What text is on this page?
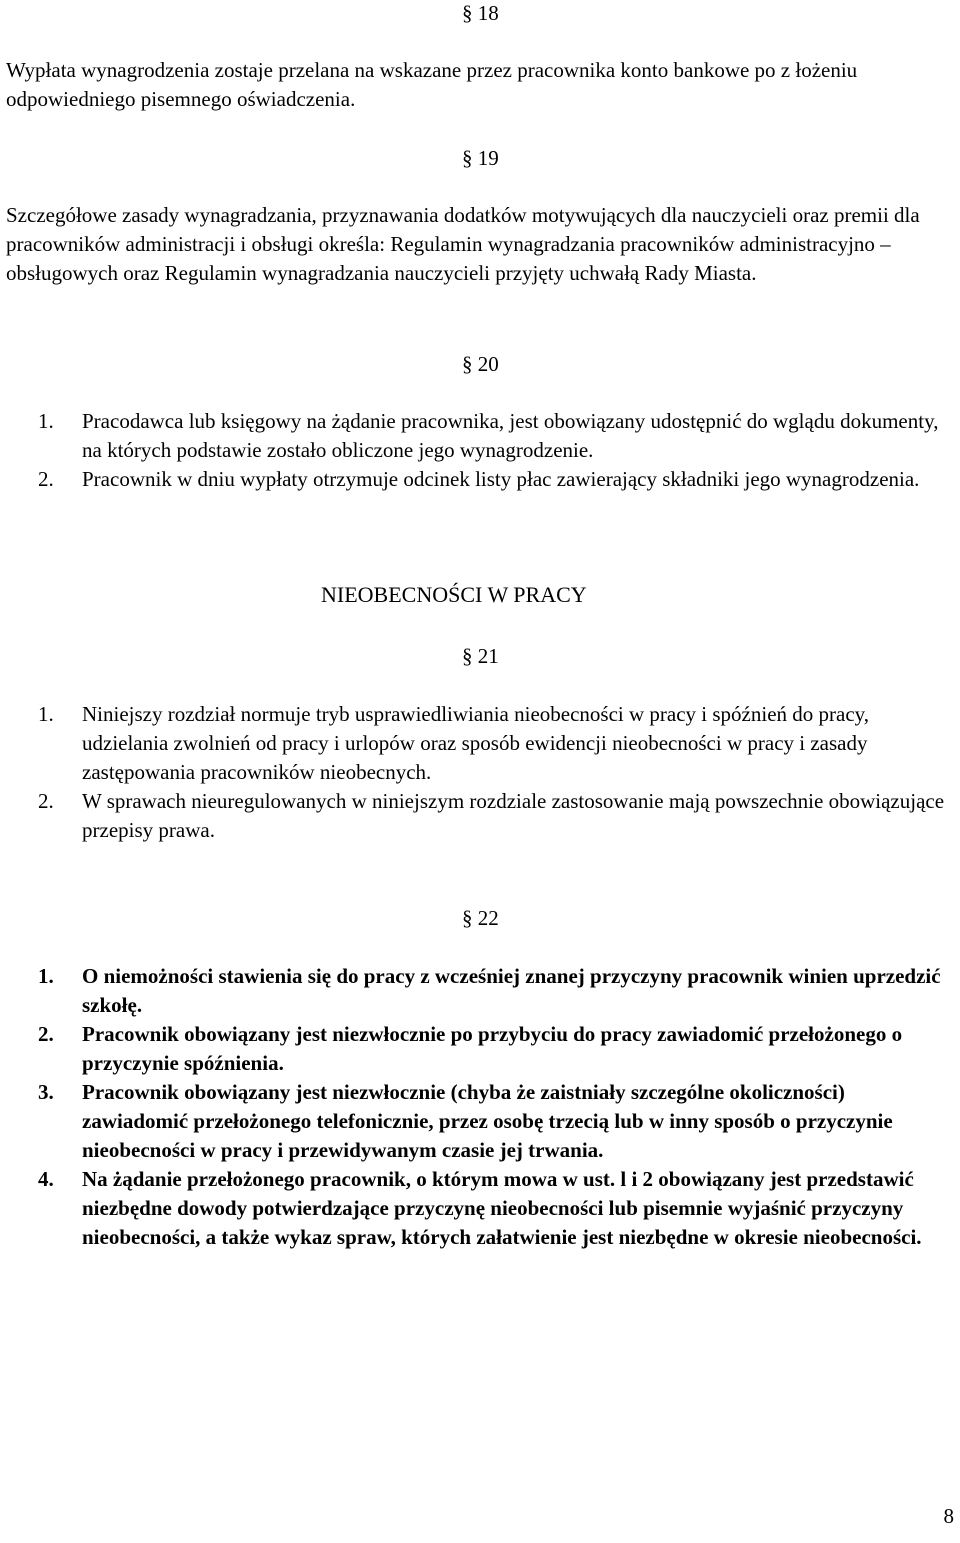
§ 18

Wypłata wynagrodzenia zostaje przelana na wskazane przez pracownika konto bankowe po z łożeniu odpowiedniego pisemnego oświadczenia.

§ 19

Szczegółowe zasady wynagradzania, przyznawania dodatków motywujących dla nauczycieli oraz premii dla pracowników administracji i obsługi określa: Regulamin wynagradzania pracowników administracyjno – obsługowych oraz Regulamin wynagradzania nauczycieli przyjęty uchwałą Rady Miasta.

§ 20
1.	Pracodawca lub księgowy na żądanie pracownika, jest obowiązany udostępnić do wglądu dokumenty, na których podstawie zostało obliczone jego wynagrodzenie.
2.	Pracownik w dniu wypłaty otrzymuje odcinek listy płac zawierający składniki jego wynagrodzenia.
NIEOBECNOŚCI W PRACY
§ 21
1.	Niniejszy rozdział normuje tryb usprawiedliwiania nieobecności w pracy i spóźnień do pracy, udzielania zwolnień od pracy i urlopów oraz sposób ewidencji nieobecności w pracy i zasady zastępowania pracowników nieobecnych.
2.	W sprawach nieuregulowanych w niniejszym rozdziale zastosowanie mają powszechnie obowiązujące przepisy prawa.
§ 22
1.	O niemożności stawienia się do pracy z wcześniej znanej przyczyny pracownik winien uprzedzić szkołę.
2.	Pracownik obowiązany jest niezwłocznie po przybyciu do pracy zawiadomić przełożonego o przyczynie spóźnienia.
3.	Pracownik obowiązany jest niezwłocznie (chyba że zaistniały szczególne okoliczności) zawiadomić przełożonego telefonicznie, przez osobę trzecią lub w inny sposób o przyczynie nieobecności w pracy i przewidywanym czasie jej trwania.
4.	Na żądanie przełożonego pracownik, o którym mowa w ust. l i 2 obowiązany jest przedstawić niezbędne dowody potwierdzające przyczynę nieobecności lub pisemnie wyjaśnić przyczyny nieobecności, a także wykaz spraw, których załatwienie jest niezbędne w okresie nieobecności.
8
